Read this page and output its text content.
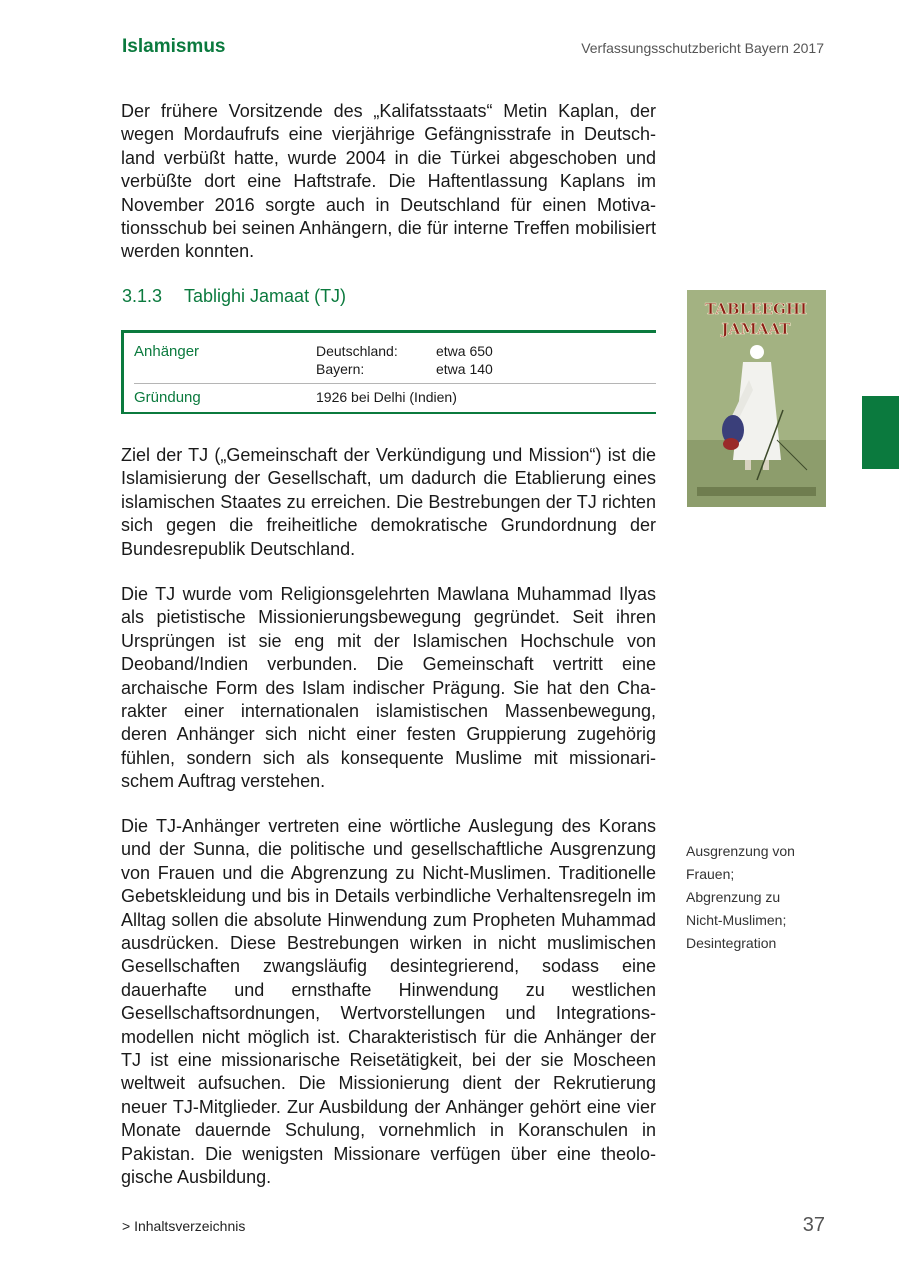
Islamismus	Verfassungsschutzbericht Bayern 2017

Der frühere Vorsitzende des „Kalifatsstaats“ Metin Kaplan, der wegen Mordaufrufs eine vierjährige Gefängnisstrafe in Deutschland verbüßt hatte, wurde 2004 in die Türkei abgeschoben und verbüßte dort eine Haftstrafe. Die Haftentlassung Kaplans im November 2016 sorgte auch in Deutschland für einen Motivationsschub bei seinen Anhängern, die für interne Treffen mobilisiert werden konnten.

3.1.3 Tablighi Jamaat (TJ)
Anhänger	Deutschland:	etwa 650
Bayern:	etwa 140
Gründung	1926 bei Delhi (Indien)
TABLEEGHI
JAMAAT

Ziel der TJ („Gemeinschaft der Verkündigung und Mission“) ist die Islamisierung der Gesellschaft, um dadurch die Etablierung eines islamischen Staates zu erreichen. Die Bestrebungen der TJ richten sich gegen die freiheitliche demokratische Grundordnung der Bundesrepublik Deutschland.

Die TJ wurde vom Religionsgelehrten Mawlana Muhammad Ilyas als pietistische Missionierungsbewegung gegründet. Seit ihren Ursprüngen ist sie eng mit der Islamischen Hochschule von Deoband/Indien verbunden. Die Gemeinschaft vertritt eine archaische Form des Islam indischer Prägung. Sie hat den Charakter einer internationalen islamistischen Massenbewegung, deren Anhänger sich nicht einer festen Gruppierung zugehörig fühlen, sondern sich als konsequente Muslime mit missionarischem Auftrag verstehen.

Die TJ-Anhänger vertreten eine wörtliche Auslegung des Korans und der Sunna, die politische und gesellschaftliche Ausgrenzung von Frauen und die Abgrenzung zu Nicht-Muslimen. Traditionelle Gebetskleidung und bis in Details verbindliche Verhaltensregeln im Alltag sollen die absolute Hinwendung zum Propheten Muhammad ausdrücken. Diese Bestrebungen wirken in nicht muslimischen Gesellschaften zwangsläufig desintegrierend, sodass eine dauerhafte und ernsthafte Hinwendung zu westlichen Gesellschaftsordnungen, Wertvorstellungen und Integrationsmodellen nicht möglich ist. Charakteristisch für die Anhänger der TJ ist eine missionarische Reisetätigkeit, bei der sie Moscheen weltweit aufsuchen. Die Missionierung dient der Rekrutierung neuer TJ-Mitglieder. Zur Ausbildung der Anhänger gehört eine vier Monate dauernde Schulung, vornehmlich in Koranschulen in Pakistan. Die wenigsten Missionare verfügen über eine theologische Ausbildung.

Ausgrenzung von
Frauen;
Abgrenzung zu
Nicht-Muslimen;
Desintegration
> Inhaltsverzeichnis	37
